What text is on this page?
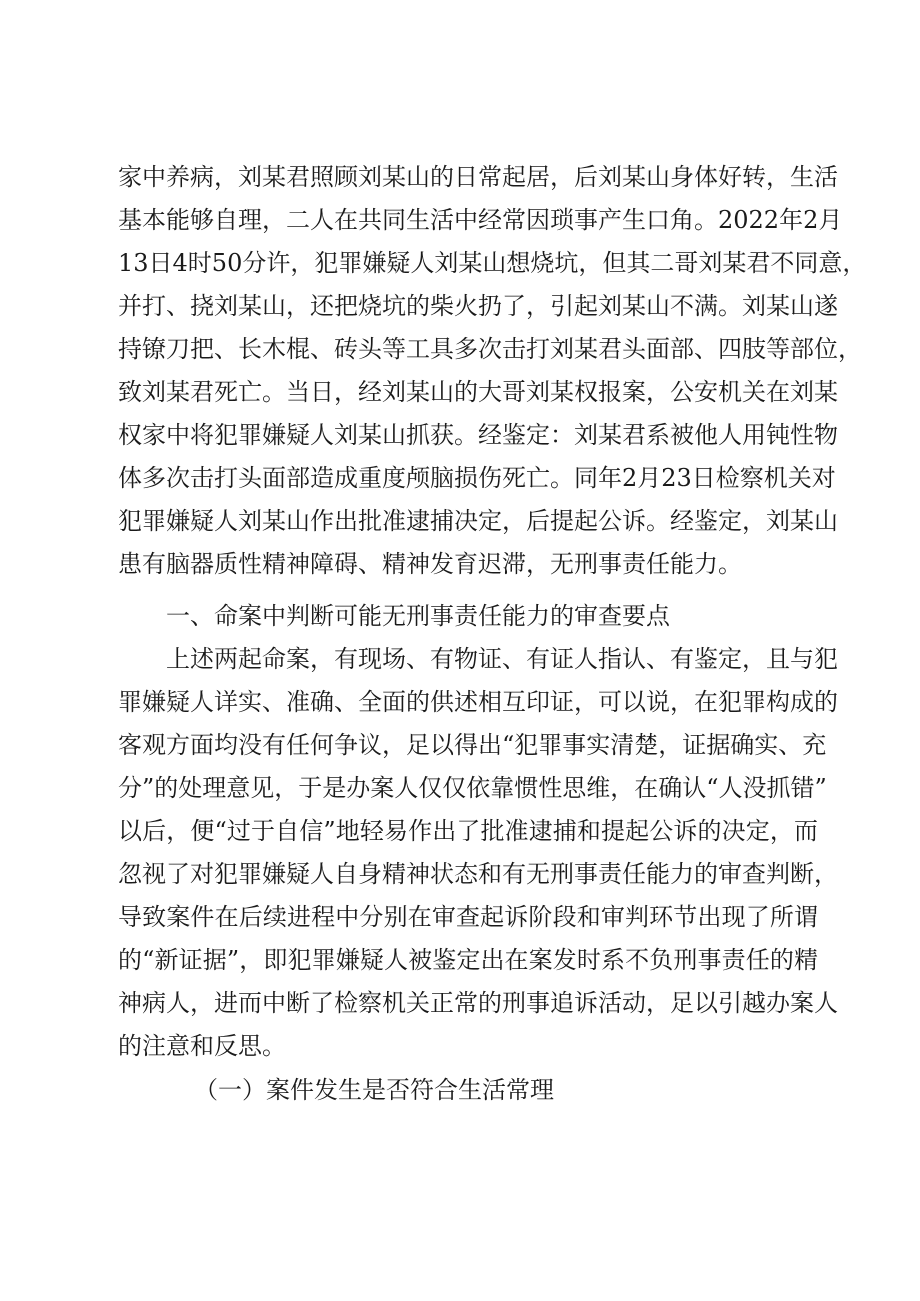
家中养病，刘某君照顾刘某山的日常起居，后刘某山身体好转，生活
基本能够自理，二人在共同生活中经常因琐事产生口角。2022年2月
13日4时50分许，犯罪嫌疑人刘某山想烧坑，但其二哥刘某君不同意，
并打、挠刘某山，还把烧坑的柴火扔了，引起刘某山不满。刘某山遂
持镣刀把、长木棍、砖头等工具多次击打刘某君头面部、四肢等部位，
致刘某君死亡。当日，经刘某山的大哥刘某权报案，公安机关在刘某
权家中将犯罪嫌疑人刘某山抓获。经鉴定：刘某君系被他人用钝性物
体多次击打头面部造成重度颅脑损伤死亡。同年2月23日检察机关对
犯罪嫌疑人刘某山作出批准逮捕决定，后提起公诉。经鉴定，刘某山
患有脑器质性精神障碍、精神发育迟滞，无刑事责任能力。
一、命案中判断可能无刑事责任能力的审查要点
上述两起命案，有现场、有物证、有证人指认、有鉴定，且与犯
罪嫌疑人详实、准确、全面的供述相互印证，可以说，在犯罪构成的
客观方面均没有任何争议，足以得出“犯罪事实清楚，证据确实、充
分”的处理意见，于是办案人仅仅依靠惯性思维，在确认“人没抓错”
以后，便“过于自信”地轻易作出了批准逮捕和提起公诉的决定，而
忽视了对犯罪嫌疑人自身精神状态和有无刑事责任能力的审查判断，
导致案件在后续进程中分别在审查起诉阶段和审判环节出现了所谓
的“新证据”，即犯罪嫌疑人被鉴定出在案发时系不负刑事责任的精
神病人，进而中断了检察机关正常的刑事追诉活动，足以引越办案人
的注意和反思。
（一）案件发生是否符合生活常理
